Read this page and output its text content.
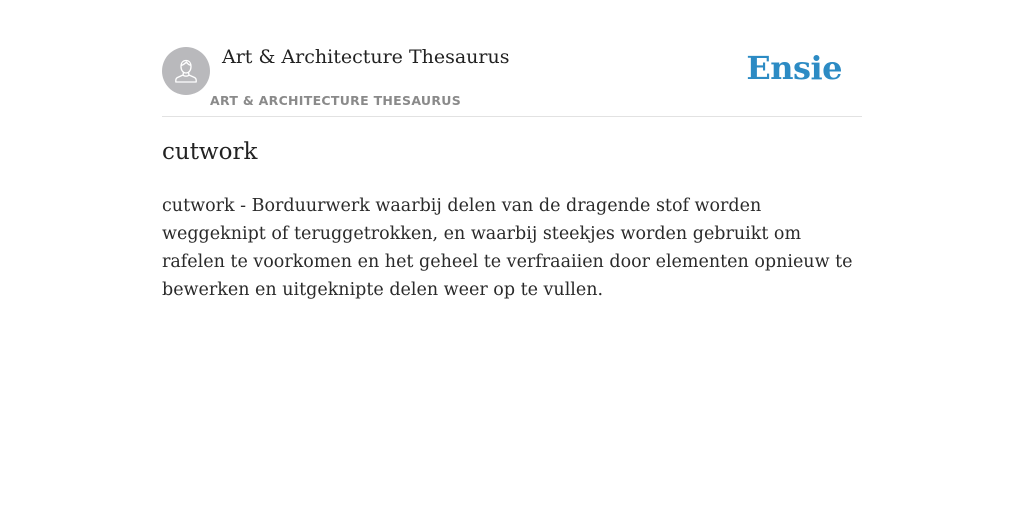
Art & Architecture Thesaurus
ART & ARCHITECTURE THESAURUS
Ensie
cutwork

cutwork - Borduurwerk waarbij delen van de dragende stof worden weggeknipt of teruggetrokken, en waarbij steekjes worden gebruikt om rafelen te voorkomen en het geheel te verfraaiien door elementen opnieuw te bewerken en uitgeknipte delen weer op te vullen.
